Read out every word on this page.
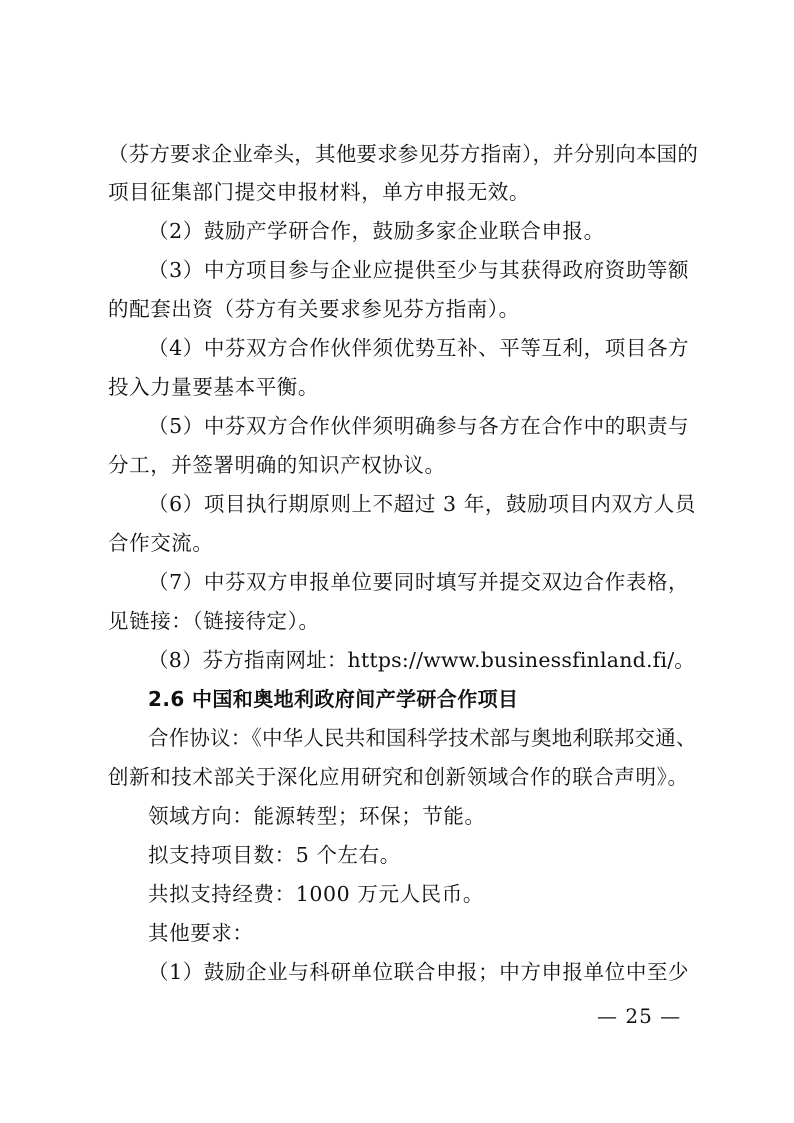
（芬方要求企业牵头，其他要求参见芬方指南），并分别向本国的
项目征集部门提交申报材料，单方申报无效。
（2）鼓励产学研合作，鼓励多家企业联合申报。
（3）中方项目参与企业应提供至少与其获得政府资助等额
的配套出资（芬方有关要求参见芬方指南）。
（4）中芬双方合作伙伴须优势互补、平等互利，项目各方
投入力量要基本平衡。
（5）中芬双方合作伙伴须明确参与各方在合作中的职责与
分工，并签署明确的知识产权协议。
（6）项目执行期原则上不超过 3 年，鼓励项目内双方人员
合作交流。
（7）中芬双方申报单位要同时填写并提交双边合作表格，
见链接：（链接待定）。
（8）芬方指南网址：https://www.businessfinland.fi/。
2.6 中国和奥地利政府间产学研合作项目
合作协议：《中华人民共和国科学技术部与奥地利联邦交通、
创新和技术部关于深化应用研究和创新领域合作的联合声明》。
领域方向：能源转型；环保；节能。
拟支持项目数：5 个左右。
共拟支持经费：1000 万元人民币。
其他要求：
（1）鼓励企业与科研单位联合申报；中方申报单位中至少
— 25 —
